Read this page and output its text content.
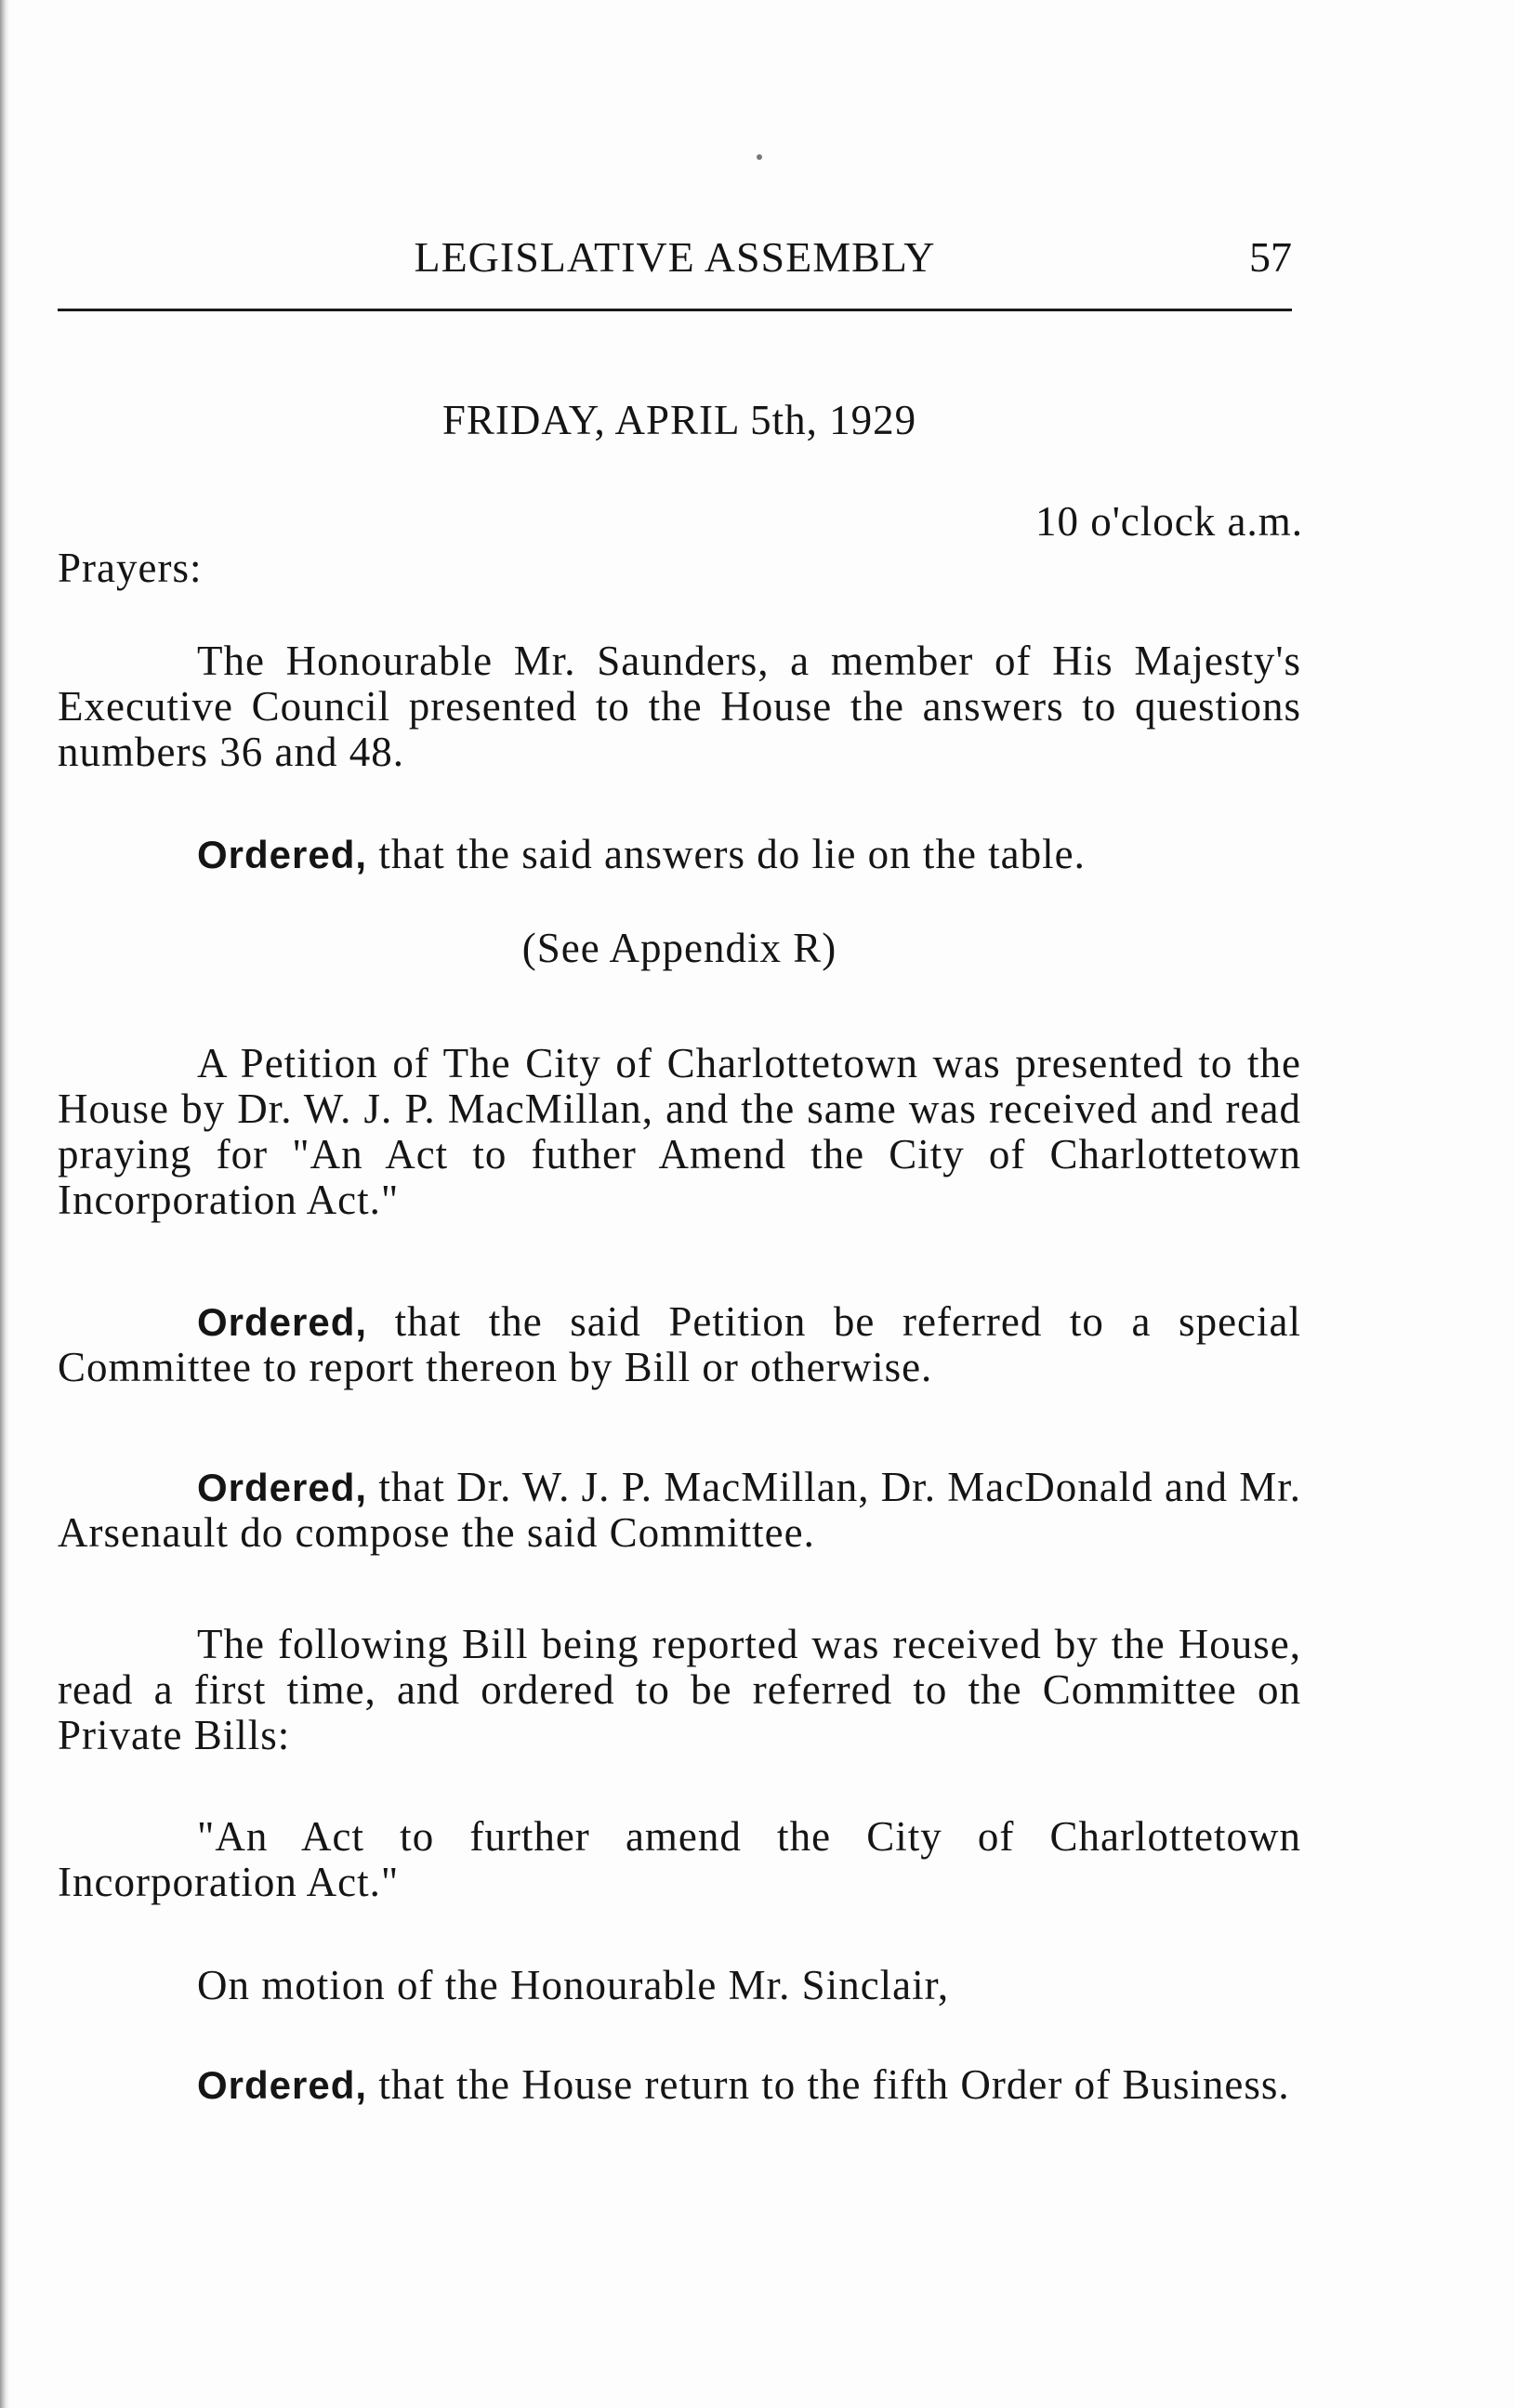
LEGISLATIVE ASSEMBLY	57
FRIDAY, APRIL 5th, 1929
10 o'clock a.m.
Prayers:
The Honourable Mr. Saunders, a member of His Majesty's Executive Council presented to the House the answers to questions numbers 36 and 48.
Ordered, that the said answers do lie on the table.
(See Appendix R)
A Petition of The City of Charlottetown was presented to the House by Dr. W. J. P. MacMillan, and the same was received and read praying for "An Act to futher Amend the City of Charlottetown Incorporation Act."
Ordered, that the said Petition be referred to a special Committee to report thereon by Bill or otherwise.
Ordered, that Dr. W. J. P. MacMillan, Dr. MacDonald and Mr. Arsenault do compose the said Committee.
The following Bill being reported was received by the House, read a first time, and ordered to be referred to the Committee on Private Bills:
"An Act to further amend the City of Charlottetown Incorporation Act."
On motion of the Honourable Mr. Sinclair,
Ordered, that the House return to the fifth Order of Business.
